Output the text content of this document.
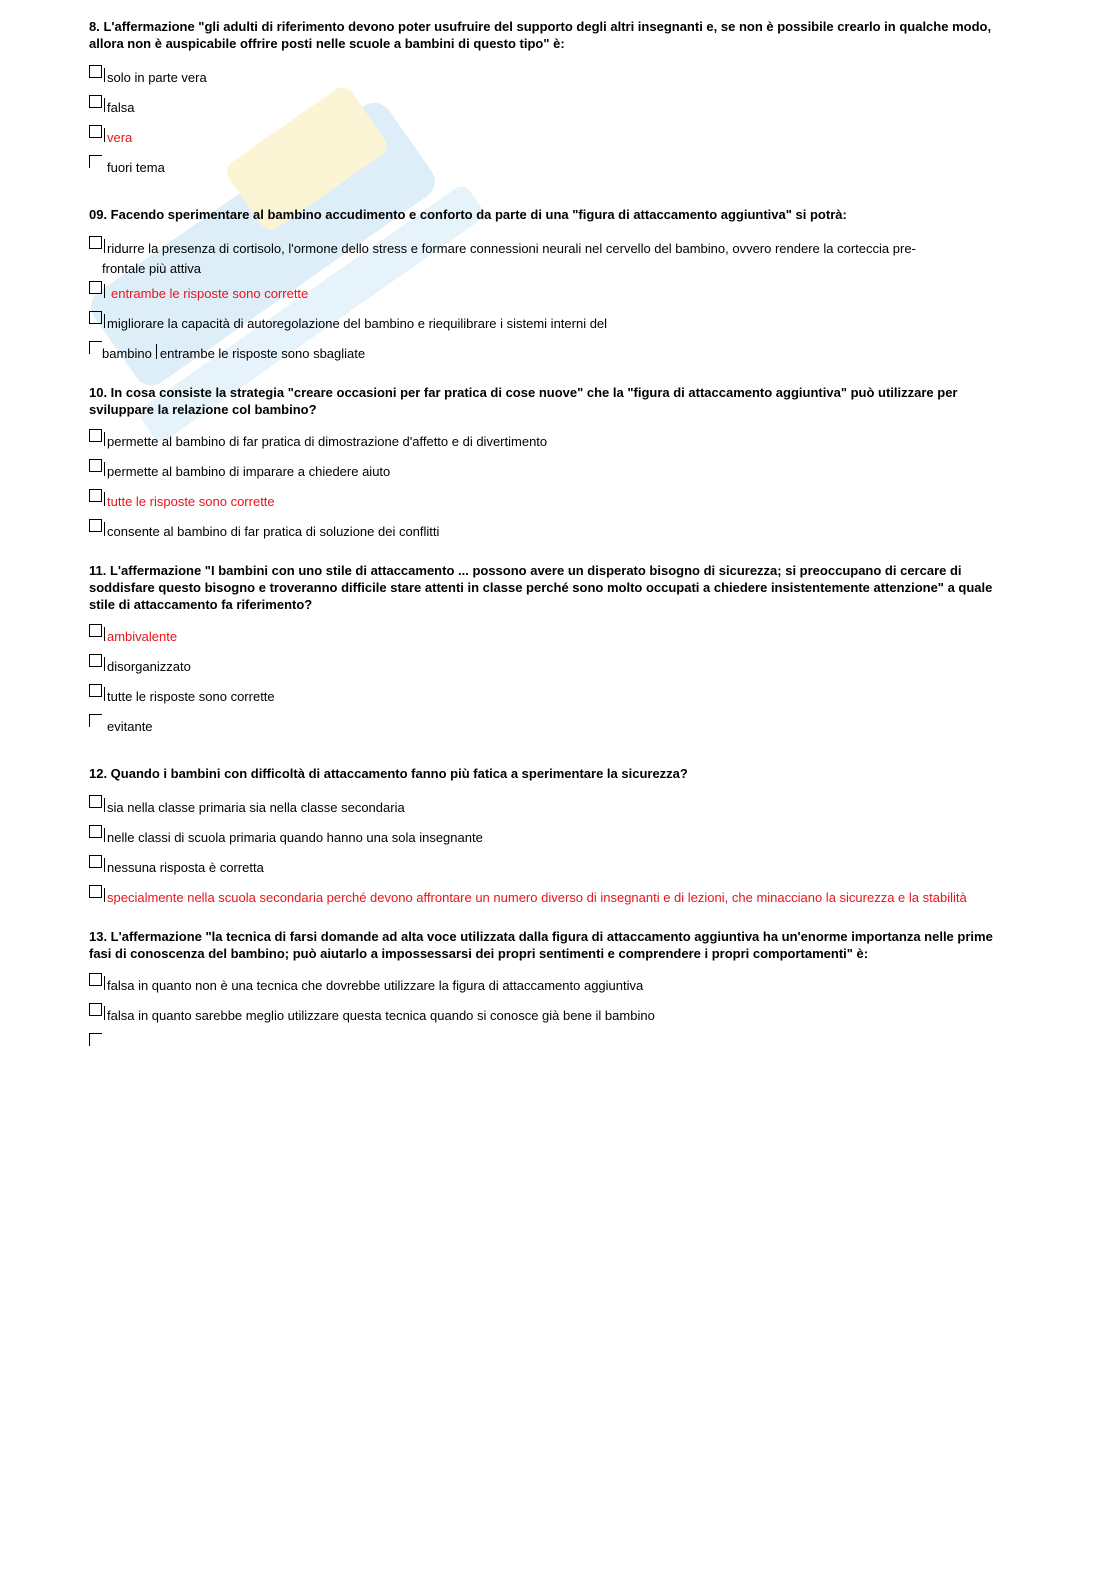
8. L'affermazione "gli adulti di riferimento devono poter usufruire del supporto degli altri insegnanti e, se non è possibile crearlo in qualche modo, allora non è auspicabile offrire posti nelle scuole a bambini di questo tipo" è:
solo in parte vera
falsa
vera
fuori tema
09. Facendo sperimentare al bambino accudimento e conforto da parte di una "figura di attaccamento aggiuntiva" si potrà:
ridurre la presenza di cortisolo, l'ormone dello stress e formare connessioni neurali nel cervello del bambino, ovvero rendere la corteccia pre-
frontale più attiva
entrambe le risposte sono corrette
migliorare la capacità di autoregolazione del bambino e riequilibrare i sistemi interni del
bambino entrambe le risposte sono sbagliate
10. In cosa consiste la strategia "creare occasioni per far pratica di cose nuove" che la "figura di attaccamento aggiuntiva" può utilizzare per sviluppare la relazione col bambino?
permette al bambino di far pratica di dimostrazione d'affetto e di divertimento
permette al bambino di imparare a chiedere aiuto
tutte le risposte sono corrette
consente al bambino di far pratica di soluzione dei conflitti
11. L'affermazione "I bambini con uno stile di attaccamento ... possono avere un disperato bisogno di sicurezza; si preoccupano di cercare di soddisfare questo bisogno e troveranno difficile stare attenti in classe perché sono molto occupati a chiedere insistentemente attenzione" a quale stile di attaccamento fa riferimento?
ambivalente
disorganizzato
tutte le risposte sono corrette
evitante
12. Quando i bambini con difficoltà di attaccamento fanno più fatica a sperimentare la sicurezza?
sia nella classe primaria sia nella classe secondaria
nelle classi di scuola primaria quando hanno una sola insegnante
nessuna risposta è corretta
specialmente nella scuola secondaria perché devono affrontare un numero diverso di insegnanti e di lezioni, che minacciano la sicurezza e la stabilità
13. L'affermazione "la tecnica di farsi domande ad alta voce utilizzata dalla figura di attaccamento aggiuntiva ha un'enorme importanza nelle prime fasi di conoscenza del bambino; può aiutarlo a impossessarsi dei propri sentimenti e comprendere i propri comportamenti" è:
falsa in quanto non è una tecnica che dovrebbe utilizzare la figura di attaccamento aggiuntiva
falsa in quanto sarebbe meglio utilizzare questa tecnica quando si conosce già bene il bambino
